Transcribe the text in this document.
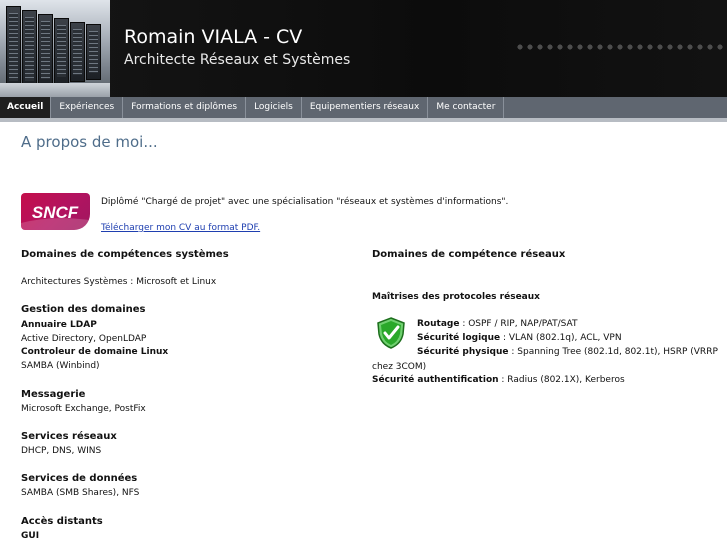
Romain VIALA - CV
Architecte Réseaux et Systèmes
Accueil	Expériences	Formations et diplômes	Logiciels	Equipementiers réseaux	Me contacter
A propos de moi...
SNCF
Diplômé "Chargé de projet" avec une spécialisation "réseaux et systèmes d'informations".
Télécharger mon CV au format PDF.
Domaines de compétences systèmes
Architectures Systèmes : Microsoft et Linux
Gestion des domaines
Annuaire LDAP
Active Directory, OpenLDAP
Controleur de domaine Linux
SAMBA (Winbind)
Messagerie
Microsoft Exchange, PostFix
Services réseaux
DHCP, DNS, WINS
Services de données
SAMBA (SMB Shares), NFS
Accès distants
GUI
Domaines de compétence réseaux
Maîtrises des protocoles réseaux
Routage : OSPF / RIP, NAP/PAT/SAT
Sécurité logique : VLAN (802.1q), ACL, VPN
Sécurité physique : Spanning Tree (802.1d, 802.1t), HSRP (VRRP
chez 3COM)
Sécurité authentification : Radius (802.1X), Kerberos
